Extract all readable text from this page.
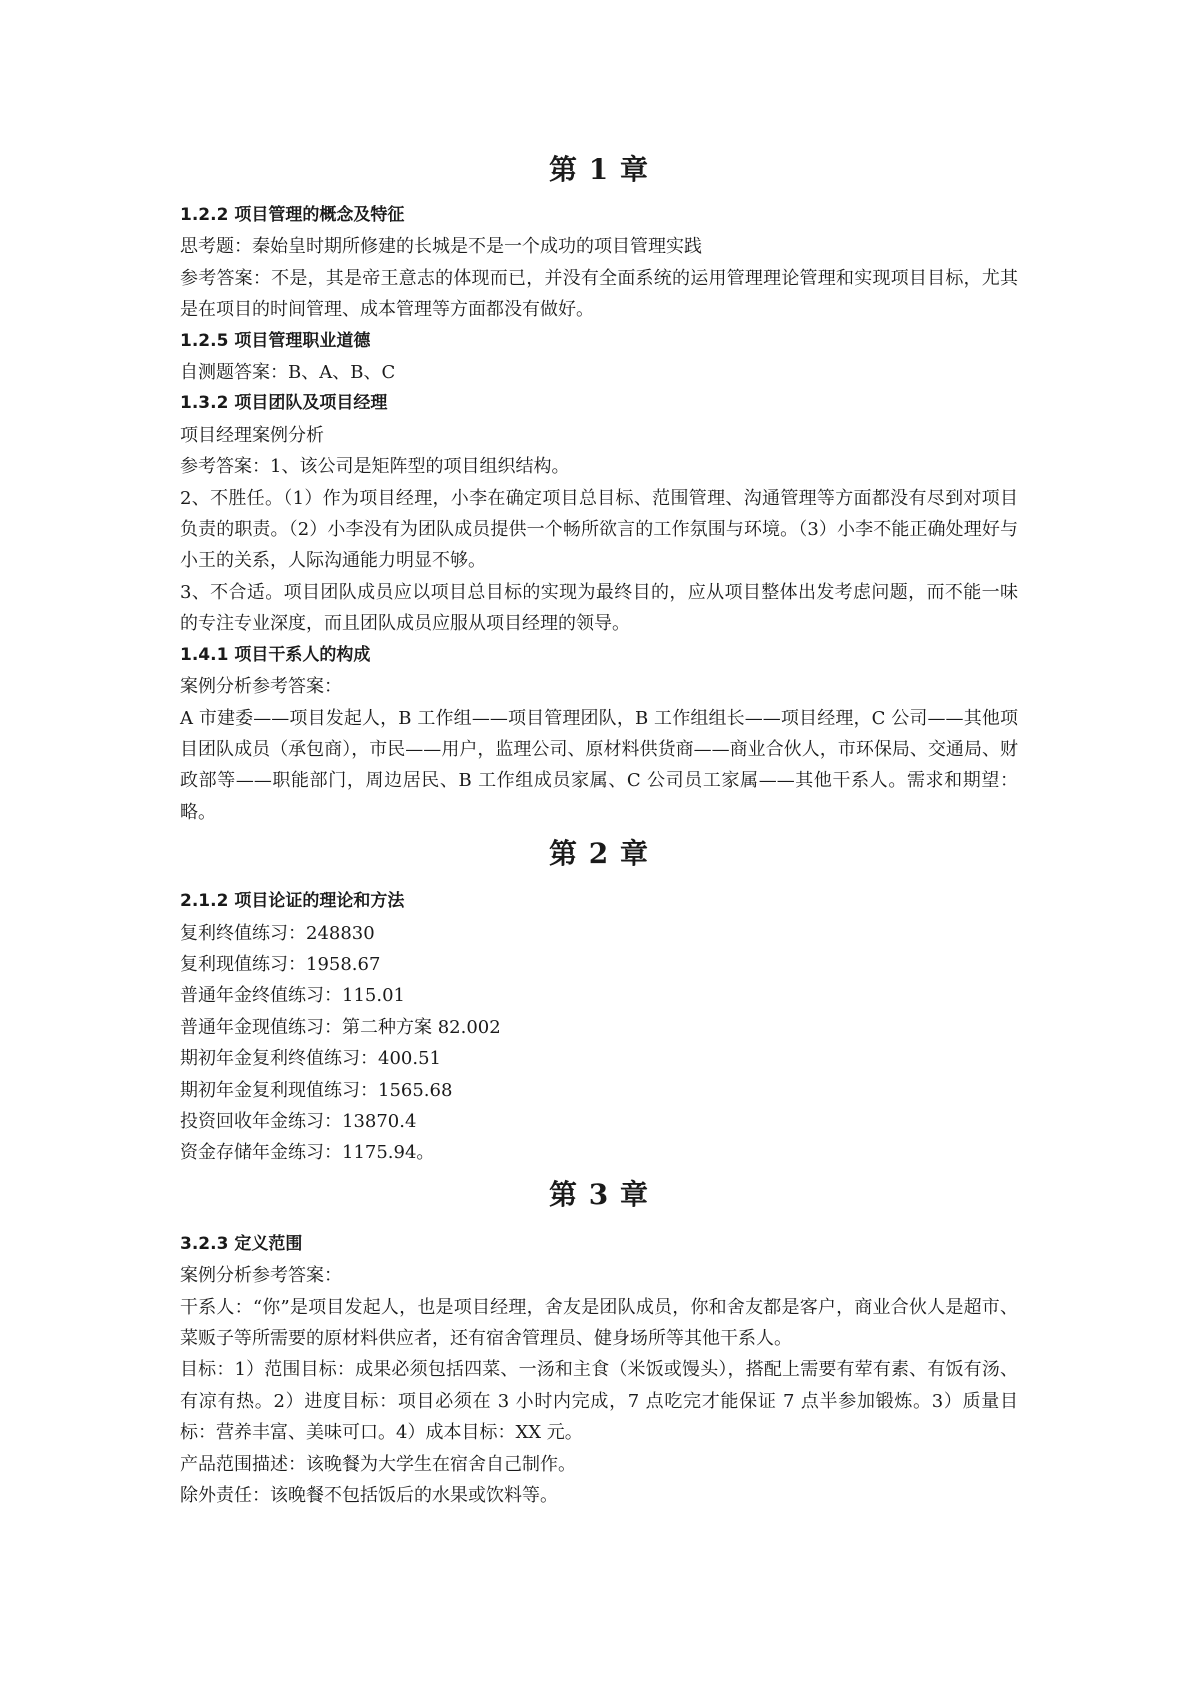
第 1 章
1.2.2 项目管理的概念及特征

思考题：秦始皇时期所修建的长城是不是一个成功的项目管理实践

参考答案：不是，其是帝王意志的体现而已，并没有全面系统的运用管理理论管理和实现项目目标，尤其是在项目的时间管理、成本管理等方面都没有做好。

1.2.5 项目管理职业道德

自测题答案：B、A、B、C

1.3.2 项目团队及项目经理

项目经理案例分析

参考答案：1、该公司是矩阵型的项目组织结构。

2、不胜任。（1）作为项目经理，小李在确定项目总目标、范围管理、沟通管理等方面都没有尽到对项目负责的职责。（2）小李没有为团队成员提供一个畅所欲言的工作氛围与环境。（3）小李不能正确处理好与小王的关系，人际沟通能力明显不够。

3、不合适。项目团队成员应以项目总目标的实现为最终目的，应从项目整体出发考虑问题，而不能一味的专注专业深度，而且团队成员应服从项目经理的领导。

1.4.1 项目干系人的构成

案例分析参考答案：

A 市建委——项目发起人，B 工作组——项目管理团队，B 工作组组长——项目经理，C 公司——其他项目团队成员（承包商），市民——用户，监理公司、原材料供货商——商业合伙人，市环保局、交通局、财政部等——职能部门，周边居民、B 工作组成员家属、C 公司员工家属——其他干系人。需求和期望：略。

第 2 章
2.1.2 项目论证的理论和方法

复利终值练习：248830

复利现值练习：1958.67

普通年金终值练习：115.01

普通年金现值练习：第二种方案 82.002

期初年金复利终值练习：400.51

期初年金复利现值练习：1565.68

投资回收年金练习：13870.4

资金存储年金练习：1175.94。

第 3 章
3.2.3 定义范围

案例分析参考答案：

干系人：“你”是项目发起人，也是项目经理，舍友是团队成员，你和舍友都是客户，商业合伙人是超市、菜贩子等所需要的原材料供应者，还有宿舍管理员、健身场所等其他干系人。

目标：1）范围目标：成果必须包括四菜、一汤和主食（米饭或馒头），搭配上需要有荤有素、有饭有汤、有凉有热。2）进度目标：项目必须在 3 小时内完成，7 点吃完才能保证 7 点半参加锻炼。3）质量目标：营养丰富、美味可口。4）成本目标：XX 元。

产品范围描述：该晚餐为大学生在宿舍自己制作。

除外责任：该晚餐不包括饭后的水果或饮料等。
